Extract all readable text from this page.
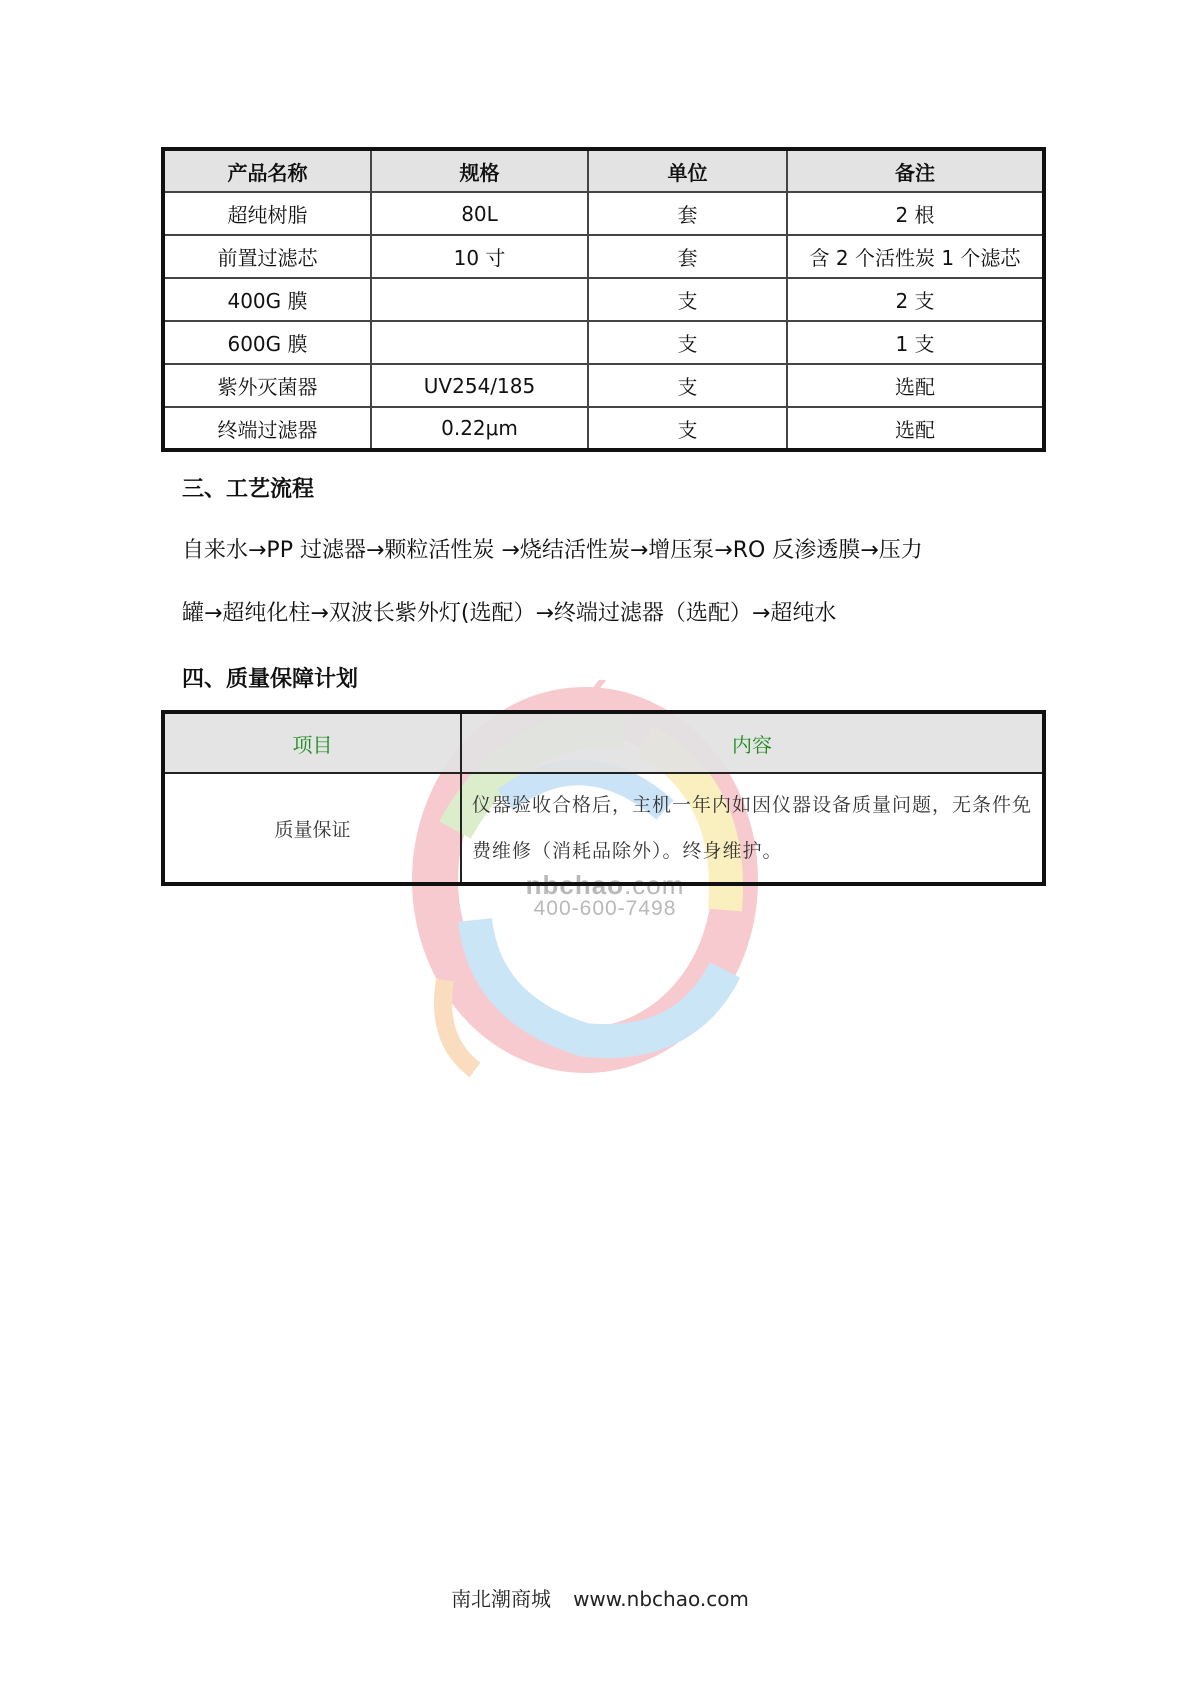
nbchao.com
400-600-7498
产品名称	规格	单位	备注
超纯树脂	80L	套	2 根
前置过滤芯	10 寸	套	含 2 个活性炭 1 个滤芯
400G 膜		支	2 支
600G 膜		支	1 支
紫外灭菌器	UV254/185	支	选配
终端过滤器	0.22μm	支	选配
三、工艺流程

自来水→PP 过滤器→颗粒活性炭 →烧结活性炭→增压泵→RO 反渗透膜→压力

罐→超纯化柱→双波长紫外灯(选配）→终端过滤器（选配）→超纯水

四、质量保障计划
项目	内容
质量保证	仪器验收合格后，主机一年内如因仪器设备质量问题，无条件免费维修（消耗品除外）。终身维护。
南北潮商城 www.nbchao.com
